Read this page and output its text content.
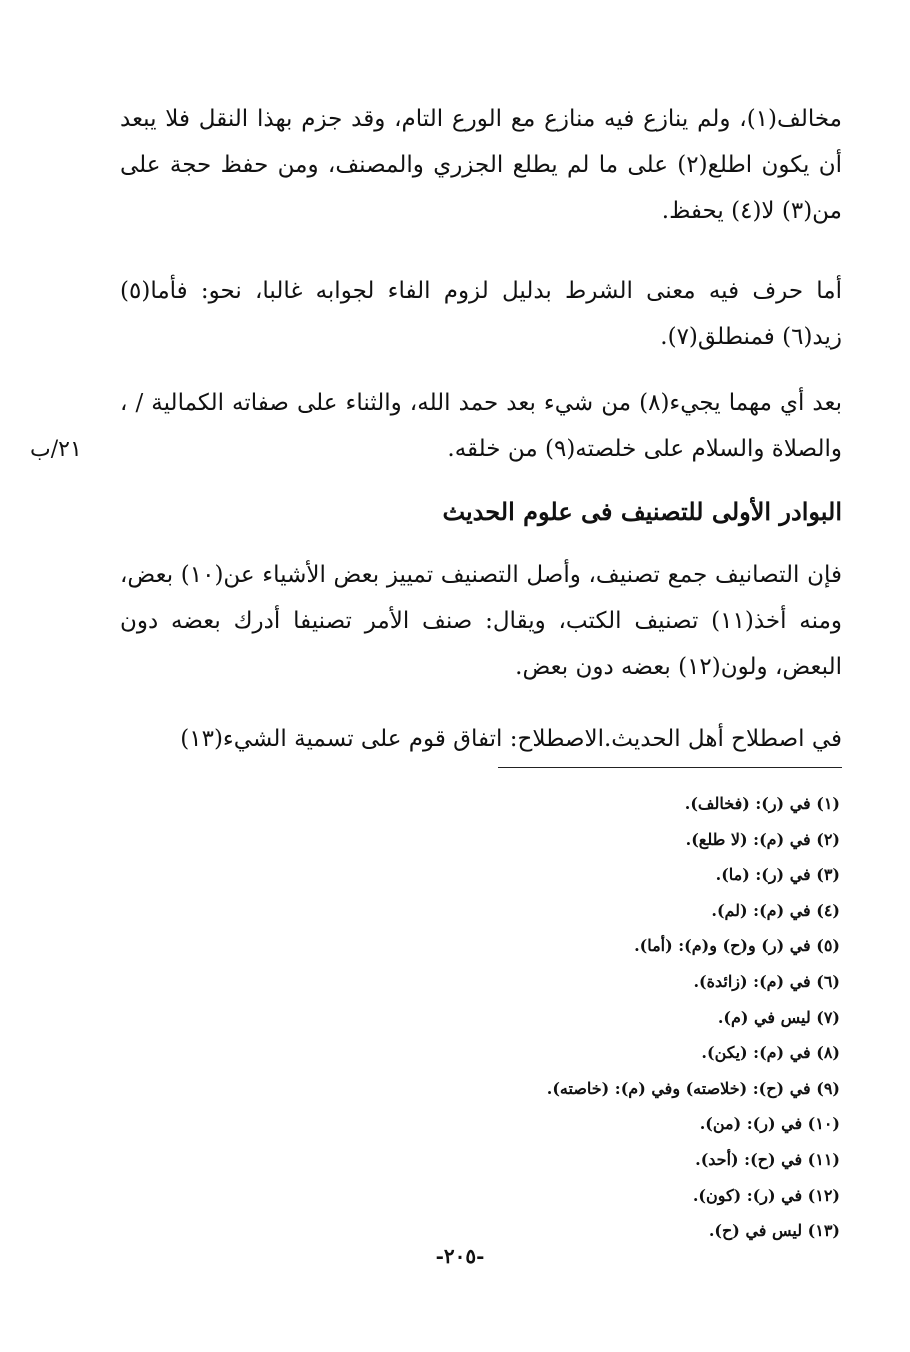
مخالف(١)، ولم ينازع فيه منازع مع الورع التام، وقد جزم بهذا النقل فلا يبعد أن يكون اطلع(٢) على ما لم يطلع الجزري والمصنف، ومن حفظ حجة على من(٣) لا(٤) يحفظ.

أما حرف فيه معنى الشرط بدليل لزوم الفاء لجوابه غالبا، نحو: فأما(٥) زيد(٦) فمنطلق(٧).

بعد أي مهما يجيء(٨) من شيء بعد حمد الله، والثناء على صفاته الكمالية / ، والصلاة والسلام على خلصته(٩) من خلقه.

٢١/ب
البوادر الأولى للتصنيف فى علوم الحديث

فإن التصانيف جمع تصنيف، وأصل التصنيف تمييز بعض الأشياء عن(١٠) بعض، ومنه أخذ(١١) تصنيف الكتب، ويقال: صنف الأمر تصنيفا أدرك بعضه دون البعض، ولون(١٢) بعضه دون بعض.

في اصطلاح أهل الحديث.الاصطلاح: اتفاق قوم على تسمية الشيء(١٣)

(١) في (ر): (فخالف).
(٢) في (م): (لا طلع).
(٣) في (ر): (ما).
(٤) في (م): (لم).
(٥) في (ر) و(ح) و(م): (أما).
(٦) في (م): (زائدة).
(٧) ليس في (م).
(٨) في (م): (يكن).
(٩) في (ح): (خلاصته) وفي (م): (خاصته).
(١٠) في (ر): (من).
(١١) في (ح): (أحد).
(١٢) في (ر): (كون).
(١٣) ليس في (ح).
-٢٠٥-
